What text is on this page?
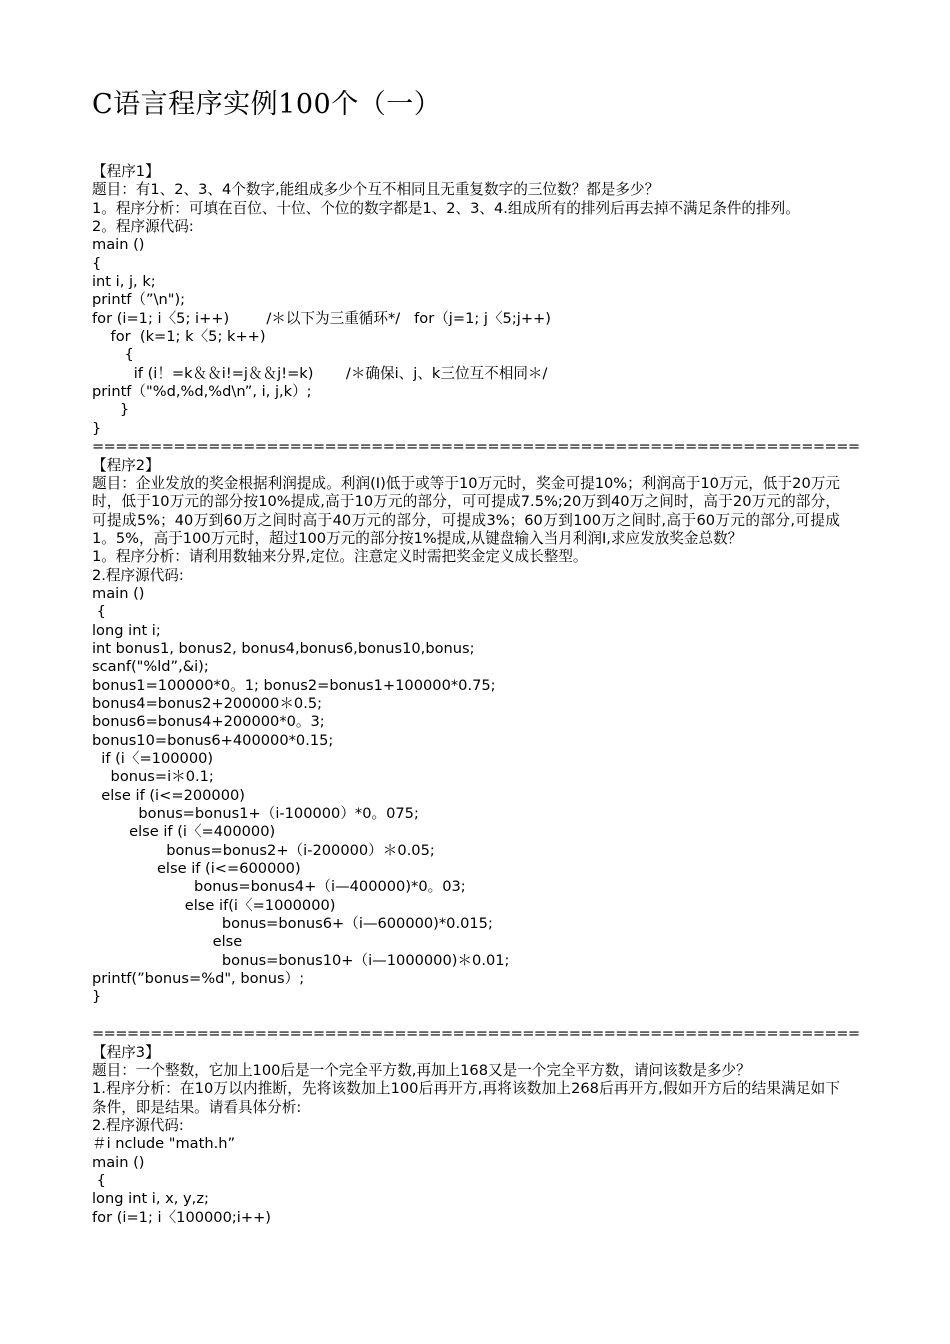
C语言程序实例100个（一）
【程序1】
题目：有1、2、3、4个数字,能组成多少个互不相同且无重复数字的三位数？都是多少？
1。程序分析：可填在百位、十位、个位的数字都是1、2、3、4.组成所有的排列后再去掉不满足条件的排列。
2。程序源代码:
main ()
{
int i, j, k;
printf（”\n");
for (i=1; i〈5; i++)        /＊以下为三重循环*/   for（j=1; j〈5;j++)
for  (k=1; k〈5; k++)
{
if (i！=k＆＆i!=j＆＆j!=k)       /＊确保i、j、k三位互不相同＊/
printf（"%d,%d,%d\n”, i, j,k）;
}
}
==================================================================
【程序2】
题目：企业发放的奖金根据利润提成。利润(I)低于或等于10万元时，奖金可提10%；利润高于10万元，低于20万元时，低于10万元的部分按10%提成,高于10万元的部分，可可提成7.5%;20万到40万之间时，高于20万元的部分，可提成5%；40万到60万之间时高于40万元的部分，可提成3%；60万到100万之间时,高于60万元的部分,可提成1。5%，高于100万元时，超过100万元的部分按1%提成,从键盘输入当月利润I,求应发放奖金总数？
1。程序分析：请利用数轴来分界,定位。注意定义时需把奖金定义成长整型。
2.程序源代码:
main ()
{
long int i;
int bonus1, bonus2, bonus4,bonus6,bonus10,bonus;
scanf("%ld”,&i);
bonus1=100000*0。1; bonus2=bonus1+100000*0.75;
bonus4=bonus2+200000＊0.5;
bonus6=bonus4+200000*0。3;
bonus10=bonus6+400000*0.15;
if (i〈=100000)
bonus=i＊0.1;
else if (i<=200000)
bonus=bonus1+（i-100000）*0。075;
else if (i〈=400000)
bonus=bonus2+（i-200000）＊0.05;
else if (i<=600000)
bonus=bonus4+（i—400000)*0。03;
else if(i〈=1000000)
bonus=bonus6+（i—600000)*0.015;
else
bonus=bonus10+（i—1000000)＊0.01;
printf(”bonus=%d", bonus）;
}
==================================================================
【程序3】
题目：一个整数，它加上100后是一个完全平方数,再加上168又是一个完全平方数，请问该数是多少？
1.程序分析：在10万以内推断，先将该数加上100后再开方,再将该数加上268后再开方,假如开方后的结果满足如下条件，即是结果。请看具体分析:
2.程序源代码:
＃i nclude "math.h”
main ()
{
long int i, x, y,z;
for (i=1; i〈100000;i++)
